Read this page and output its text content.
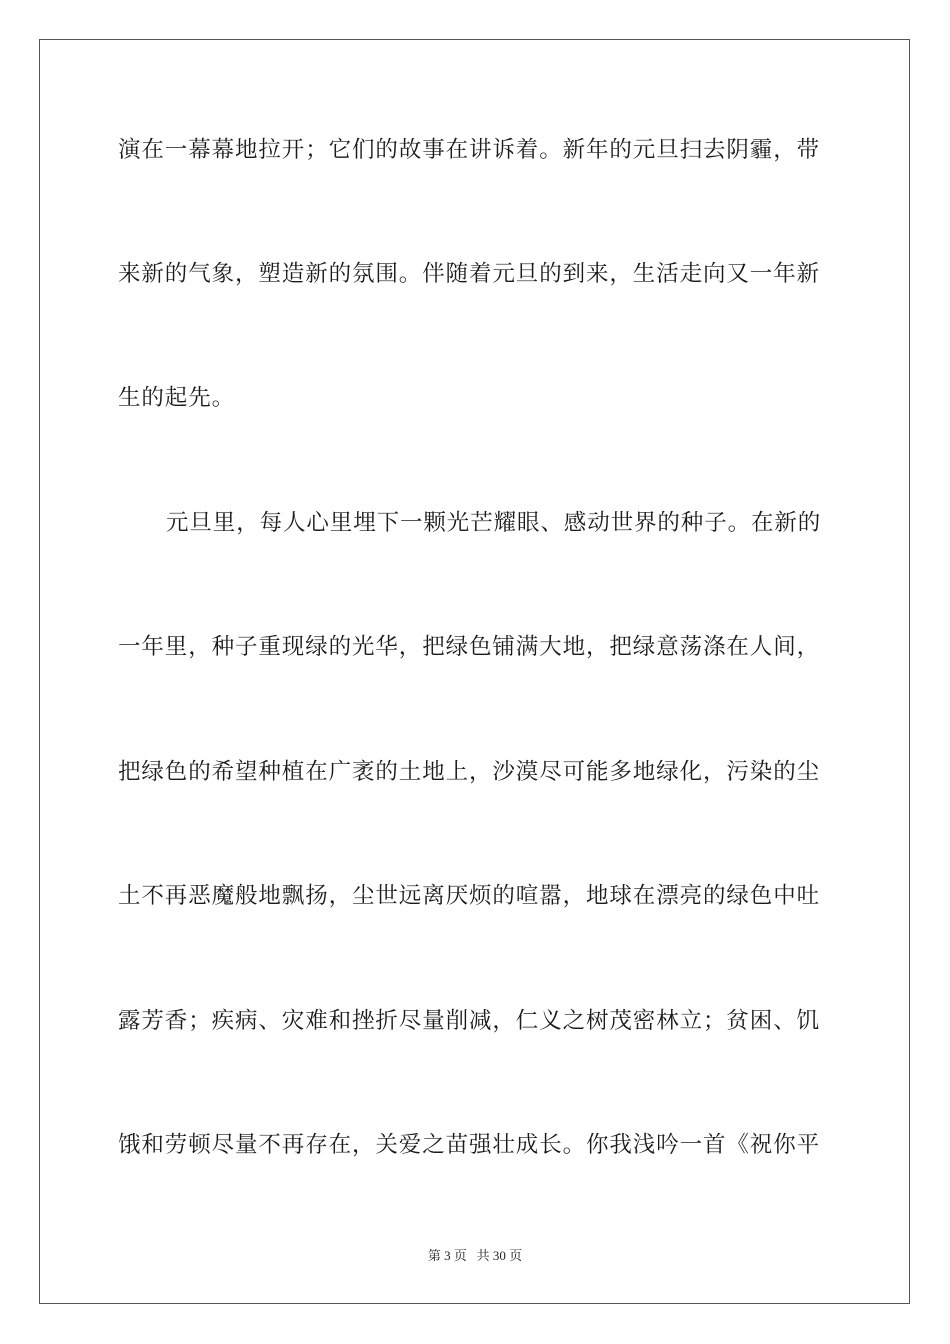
演在一幕幕地拉开；它们的故事在讲诉着。新年的元旦扫去阴霾，带
来新的气象，塑造新的氛围。伴随着元旦的到来，生活走向又一年新
生的起先。
元旦里，每人心里埋下一颗光芒耀眼、感动世界的种子。在新的
一年里，种子重现绿的光华，把绿色铺满大地，把绿意荡涤在人间，
把绿色的希望种植在广袤的土地上，沙漠尽可能多地绿化，污染的尘
土不再恶魔般地飘扬，尘世远离厌烦的喧嚣，地球在漂亮的绿色中吐
露芳香；疾病、灾难和挫折尽量削减，仁义之树茂密林立；贫困、饥
饿和劳顿尽量不再存在，关爱之苗强壮成长。你我浅吟一首《祝你平
第 3 页 共 30 页
